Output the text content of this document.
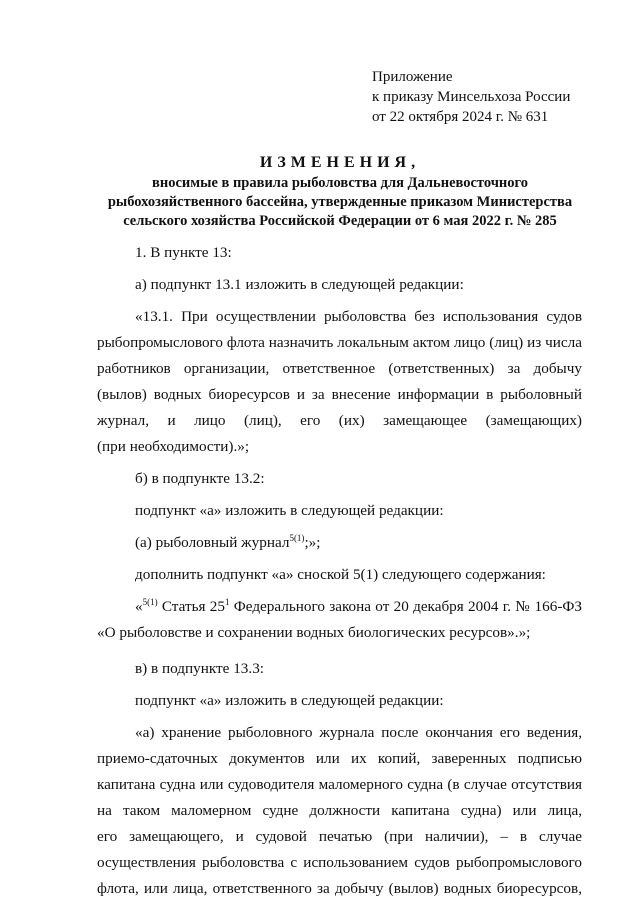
Приложение
к приказу Минсельхоза России
от 22 октября 2024 г. № 631
ИЗМЕНЕНИЯ,
вносимые в правила рыболовства для Дальневосточного
рыбохозяйственного бассейна, утвержденные приказом Министерства
сельского хозяйства Российской Федерации от 6 мая 2022 г. № 285
1. В пункте 13:
а) подпункт 13.1 изложить в следующей редакции:
«13.1. При осуществлении рыболовства без использования судов
рыбопромыслового флота назначить локальным актом лицо (лиц) из числа
работников организации, ответственное (ответственных) за добычу
(вылов) водных биоресурсов и за внесение информации в рыболовный
журнал, и лицо (лиц), его (их) замещающее (замещающих)
(при необходимости).»;
б) в подпункте 13.2:
подпункт «а» изложить в следующей редакции:
(а) рыболовный журнал$^{5(1)}$;»;
дополнить подпункт «а» сноской 5(1) следующего содержания:
«$^{5(1)}$ Статья $25^1$ Федерального закона от 20 декабря 2004 г. № 166-ФЗ
«О рыболовстве и сохранении водных биологических ресурсов».»;
в) в подпункте 13.3:
подпункт «а» изложить в следующей редакции:
«а) хранение рыболовного журнала после окончания его ведения,
приемо-сдаточных документов или их копий, заверенных подписью
капитана судна или судоводителя маломерного судна (в случае отсутствия
на таком маломерном судне должности капитана судна) или лица,
его замещающего, и судовой печатью (при наличии), – в случае
осуществления рыболовства с использованием судов рыбопромыслового
флота, или лица, ответственного за добычу (вылов) водных биоресурсов,
